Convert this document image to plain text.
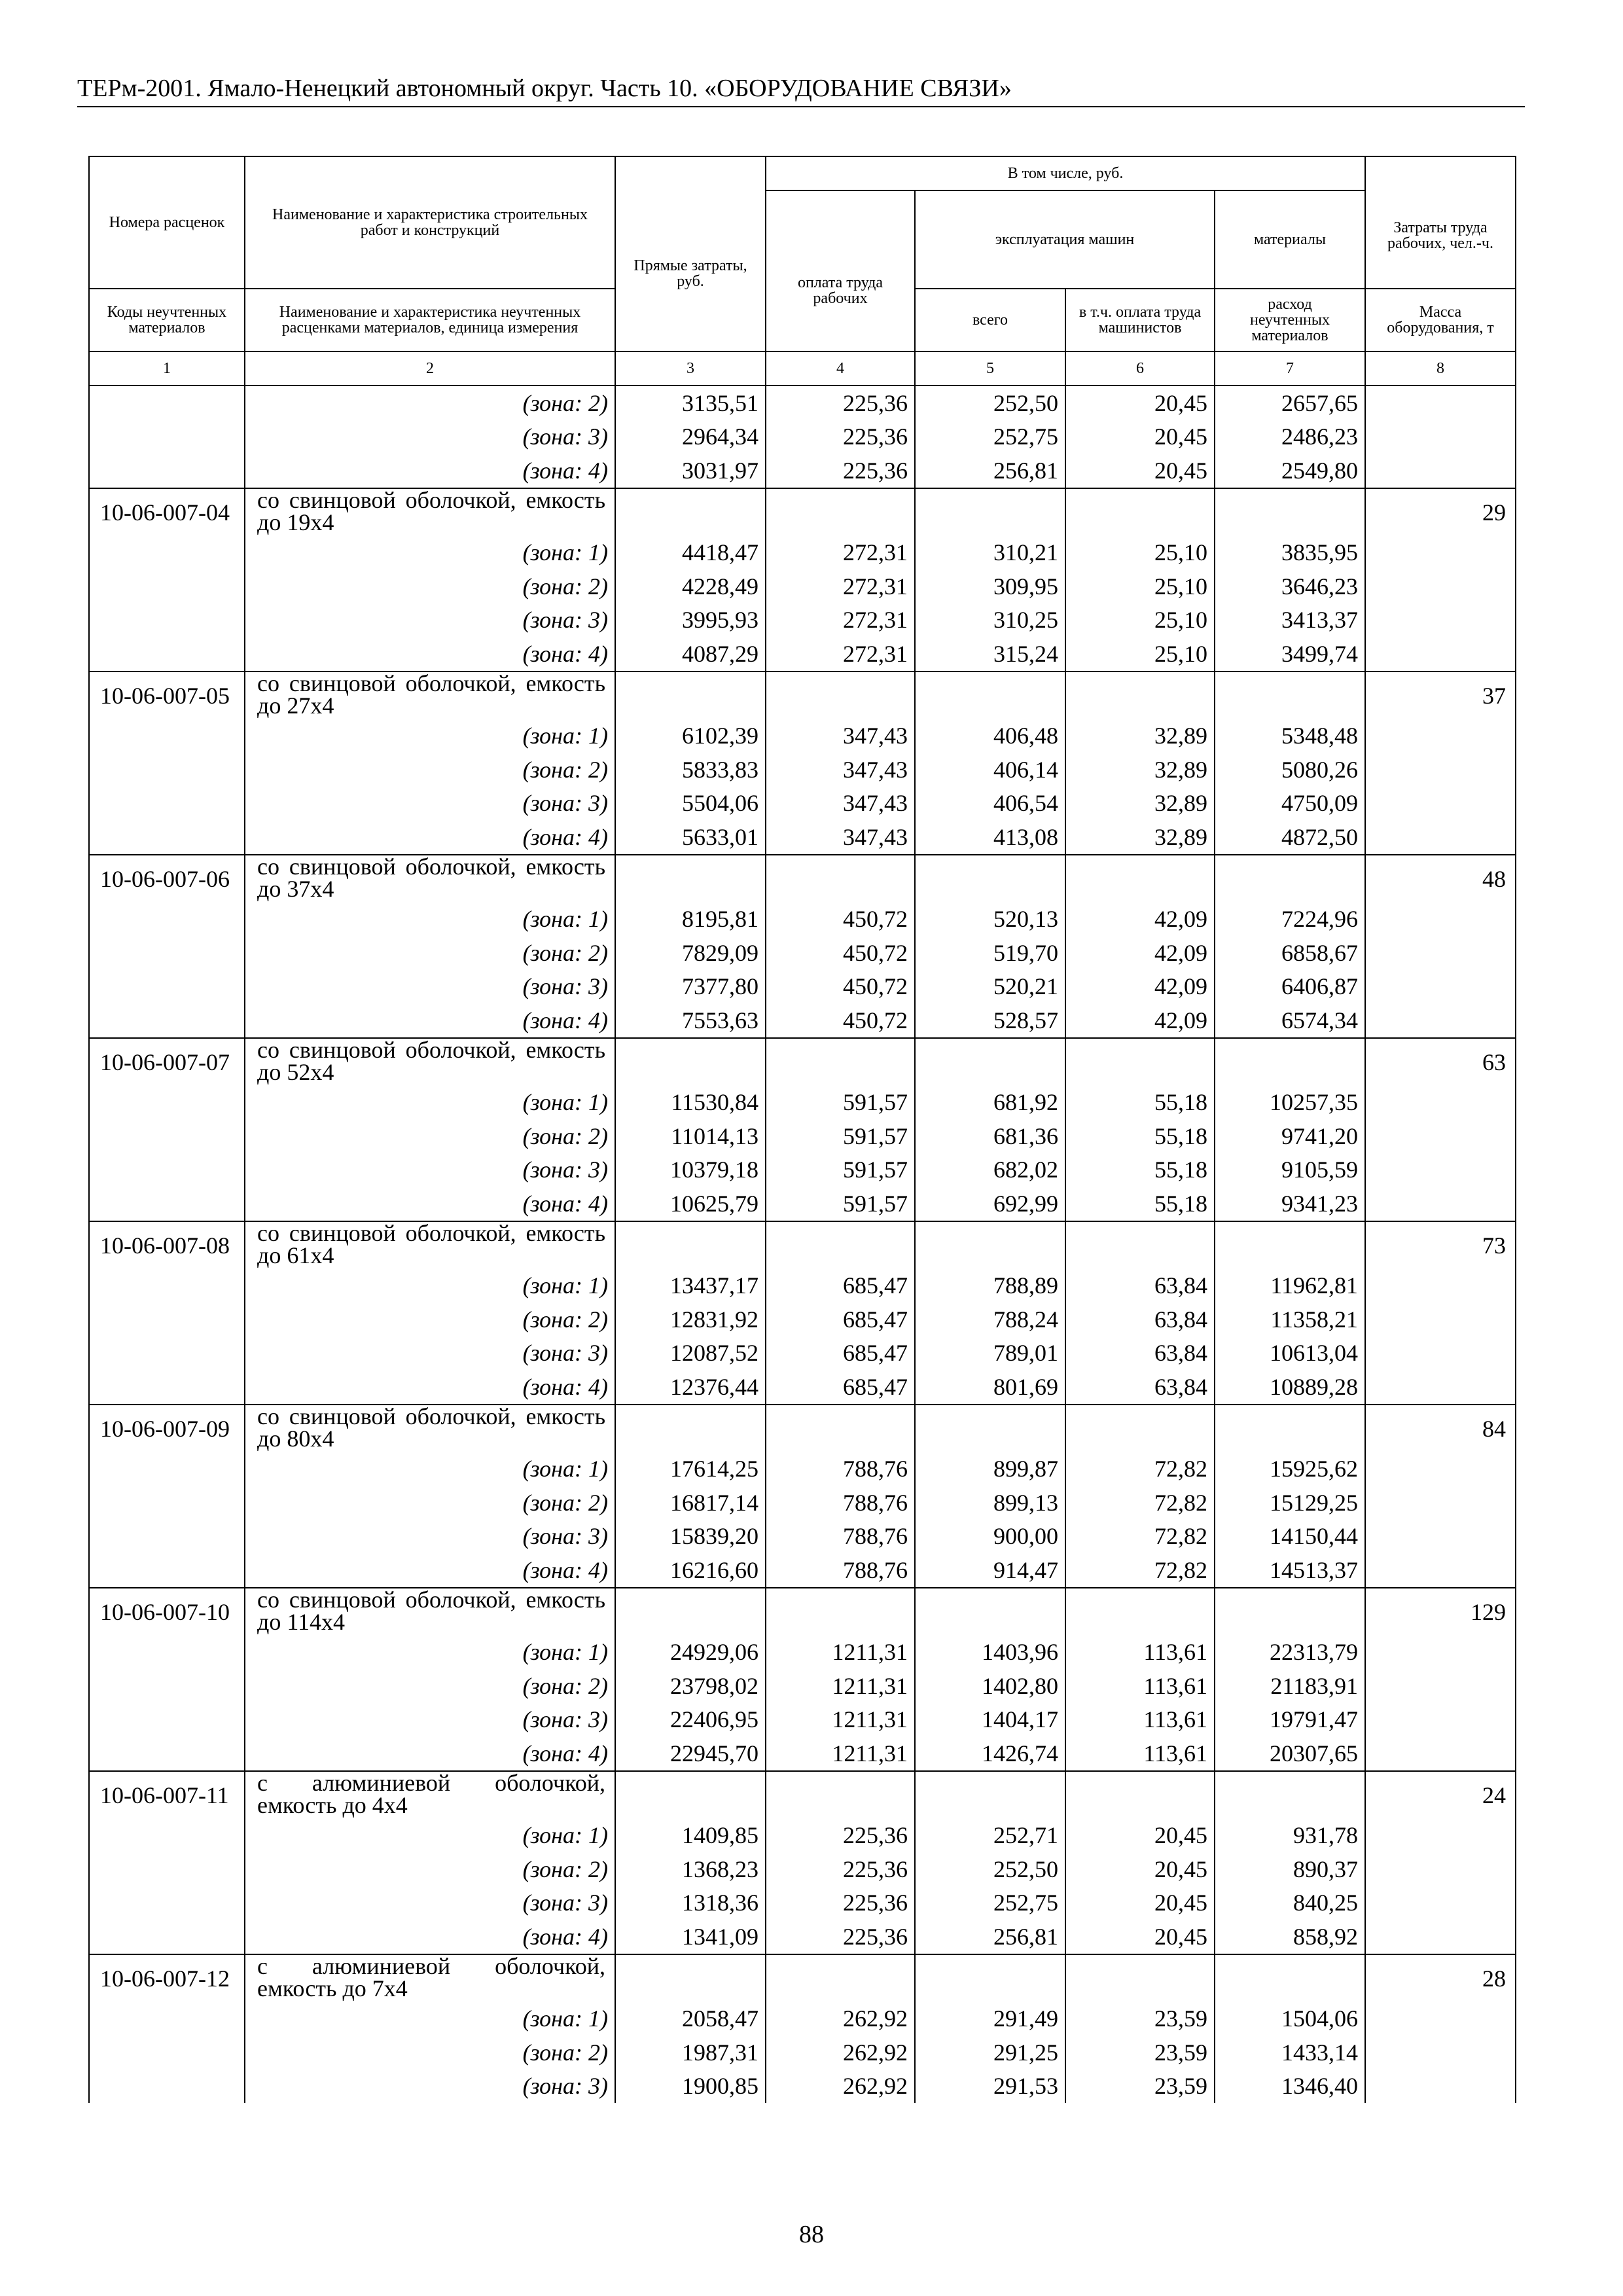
ТЕРм-2001. Ямало-Ненецкий автономный округ. Часть 10. «ОБОРУДОВАНИЕ СВЯЗИ»
Номера расценок	Наименование и характеристика строительных работ и конструкций	Прямые затраты, руб.	В том числе, руб.				Затраты труда рабочих, чел.-ч.

			оплата труда рабочих	эксплуатация машин		материалы	

Коды неучтенных материалов	Наименование и характеристика неучтенных расценками материалов, единица измерения			всего	в т.ч. оплата труда машинистов	расход неучтенных материалов	Масса оборудования, т

1	2	3	4	5	6	7	8
	(зона: 2)	3135,51	225,36	252,50	20,45	2657,65	
	(зона: 3)	2964,34	225,36	252,75	20,45	2486,23	
	(зона: 4)	3031,97	225,36	256,81	20,45	2549,80	
10-06-007-04	со свинцовой оболочкой, емкость до 19х4						29
	(зона: 1)	4418,47	272,31	310,21	25,10	3835,95	
	(зона: 2)	4228,49	272,31	309,95	25,10	3646,23	
	(зона: 3)	3995,93	272,31	310,25	25,10	3413,37	
	(зона: 4)	4087,29	272,31	315,24	25,10	3499,74	
10-06-007-05	со свинцовой оболочкой, емкость до 27х4						37
	(зона: 1)	6102,39	347,43	406,48	32,89	5348,48	
	(зона: 2)	5833,83	347,43	406,14	32,89	5080,26	
	(зона: 3)	5504,06	347,43	406,54	32,89	4750,09	
	(зона: 4)	5633,01	347,43	413,08	32,89	4872,50	
10-06-007-06	со свинцовой оболочкой, емкость до 37х4						48
	(зона: 1)	8195,81	450,72	520,13	42,09	7224,96	
	(зона: 2)	7829,09	450,72	519,70	42,09	6858,67	
	(зона: 3)	7377,80	450,72	520,21	42,09	6406,87	
	(зона: 4)	7553,63	450,72	528,57	42,09	6574,34	
10-06-007-07	со свинцовой оболочкой, емкость до 52х4						63
	(зона: 1)	11530,84	591,57	681,92	55,18	10257,35	
	(зона: 2)	11014,13	591,57	681,36	55,18	9741,20	
	(зона: 3)	10379,18	591,57	682,02	55,18	9105,59	
	(зона: 4)	10625,79	591,57	692,99	55,18	9341,23	
10-06-007-08	со свинцовой оболочкой, емкость до 61х4						73
	(зона: 1)	13437,17	685,47	788,89	63,84	11962,81	
	(зона: 2)	12831,92	685,47	788,24	63,84	11358,21	
	(зона: 3)	12087,52	685,47	789,01	63,84	10613,04	
	(зона: 4)	12376,44	685,47	801,69	63,84	10889,28	
10-06-007-09	со свинцовой оболочкой, емкость до 80х4						84
	(зона: 1)	17614,25	788,76	899,87	72,82	15925,62	
	(зона: 2)	16817,14	788,76	899,13	72,82	15129,25	
	(зона: 3)	15839,20	788,76	900,00	72,82	14150,44	
	(зона: 4)	16216,60	788,76	914,47	72,82	14513,37	
10-06-007-10	со свинцовой оболочкой, емкость до 114х4						129
	(зона: 1)	24929,06	1211,31	1403,96	113,61	22313,79	
	(зона: 2)	23798,02	1211,31	1402,80	113,61	21183,91	
	(зона: 3)	22406,95	1211,31	1404,17	113,61	19791,47	
	(зона: 4)	22945,70	1211,31	1426,74	113,61	20307,65	
10-06-007-11	с алюминиевой оболочкой, емкость до 4х4						24
	(зона: 1)	1409,85	225,36	252,71	20,45	931,78	
	(зона: 2)	1368,23	225,36	252,50	20,45	890,37	
	(зона: 3)	1318,36	225,36	252,75	20,45	840,25	
	(зона: 4)	1341,09	225,36	256,81	20,45	858,92	
10-06-007-12	с алюминиевой оболочкой, емкость до 7х4						28
	(зона: 1)	2058,47	262,92	291,49	23,59	1504,06	
	(зона: 2)	1987,31	262,92	291,25	23,59	1433,14	
	(зона: 3)	1900,85	262,92	291,53	23,59	1346,40	
88
